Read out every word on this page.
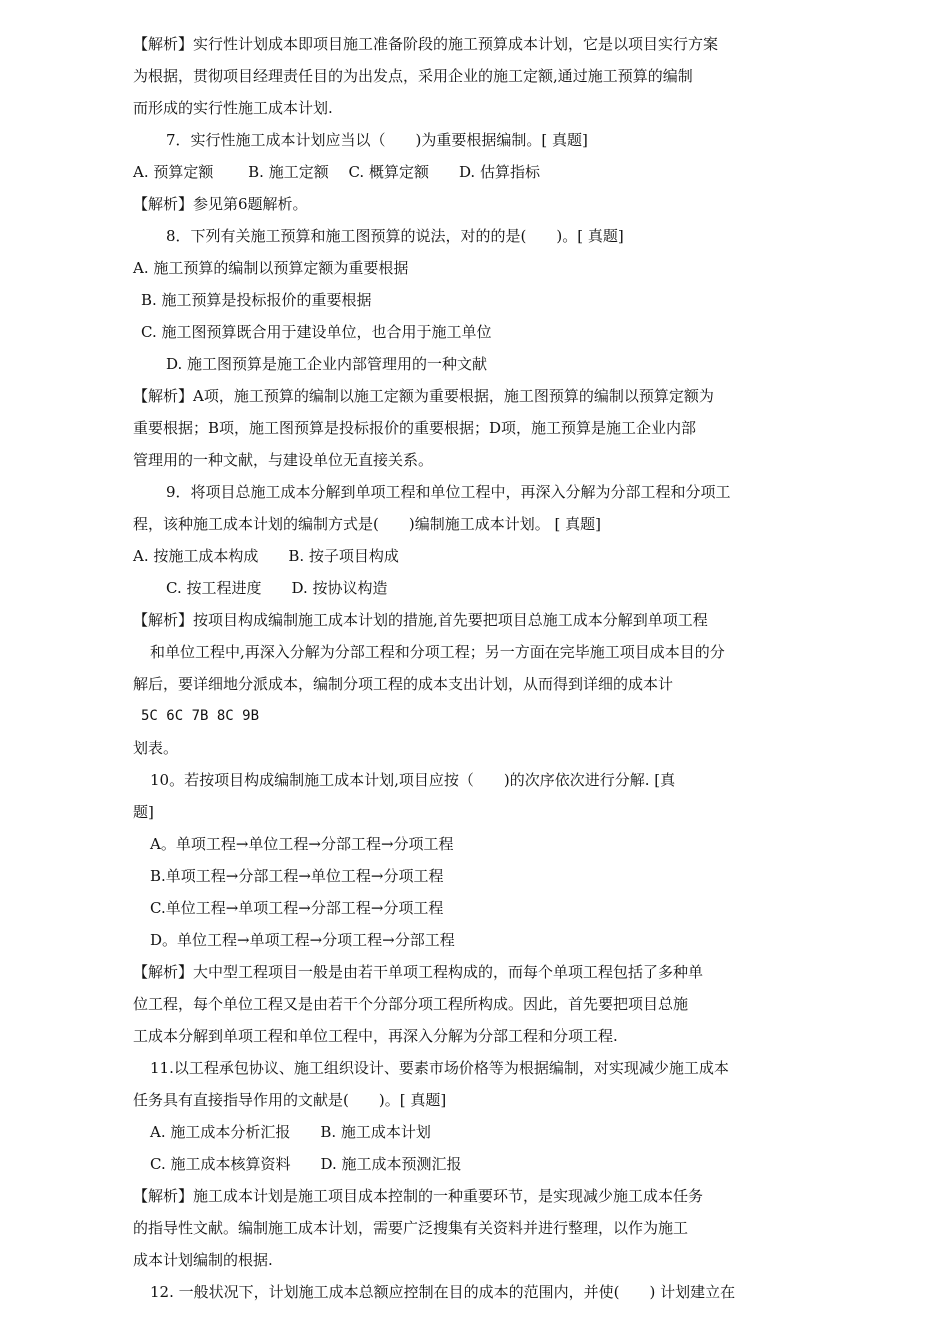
【解析】实行性计划成本即项目施工准备阶段的施工预算成本计划，它是以项目实行方案
为根据，贯彻项目经理责任目的为出发点，采用企业的施工定额,通过施工预算的编制
而形成的实行性施工成本计划.
7．实行性施工成本计划应当以（　　)为重要根据编制。[ 真题]
A. 预算定额　　 B. 施工定额　 C. 概算定额　　D. 估算指标
【解析】参见第6题解析。
8．下列有关施工预算和施工图预算的说法，对的的是(　　)。[ 真题]
A. 施工预算的编制以预算定额为重要根据
B. 施工预算是投标报价的重要根据
C. 施工图预算既合用于建设单位，也合用于施工单位
D. 施工图预算是施工企业内部管理用的一种文献
【解析】A项，施工预算的编制以施工定额为重要根据，施工图预算的编制以预算定额为
重要根据；B项，施工图预算是投标报价的重要根据；D项，施工预算是施工企业内部
管理用的一种文献，与建设单位无直接关系。
9．将项目总施工成本分解到单项工程和单位工程中，再深入分解为分部工程和分项工
程，该种施工成本计划的编制方式是(　　)编制施工成本计划。 [ 真题]
A. 按施工成本构成　　B. 按子项目构成
C. 按工程进度　　D. 按协议构造
【解析】按项目构成编制施工成本计划的措施,首先要把项目总施工成本分解到单项工程
和单位工程中,再深入分解为分部工程和分项工程；另一方面在完毕施工项目成本目的分
解后，要详细地分派成本，编制分项工程的成本支出计划，从而得到详细的成本计
5C 6C 7B 8C 9B
划表。
10。若按项目构成编制施工成本计划,项目应按（　　)的次序依次进行分解. [真
题]
A。单项工程→单位工程→分部工程→分项工程
B.单项工程→分部工程→单位工程→分项工程
C.单位工程→单项工程→分部工程→分项工程
D。单位工程→单项工程→分项工程→分部工程
【解析】大中型工程项目一般是由若干单项工程构成的，而每个单项工程包括了多种单
位工程，每个单位工程又是由若干个分部分项工程所构成。因此，首先要把项目总施
工成本分解到单项工程和单位工程中，再深入分解为分部工程和分项工程.
11.以工程承包协议、施工组织设计、要素市场价格等为根据编制，对实现减少施工成本
任务具有直接指导作用的文献是(　　)。[ 真题]
A. 施工成本分析汇报　　B. 施工成本计划
C. 施工成本核算资料　　D. 施工成本预测汇报
【解析】施工成本计划是施工项目成本控制的一种重要环节，是实现减少施工成本任务
的指导性文献。编制施工成本计划，需要广泛搜集有关资料并进行整理，以作为施工
成本计划编制的根据.
12. 一般状况下，计划施工成本总额应控制在目的成本的范围内，并使(　　) 计划建立在
